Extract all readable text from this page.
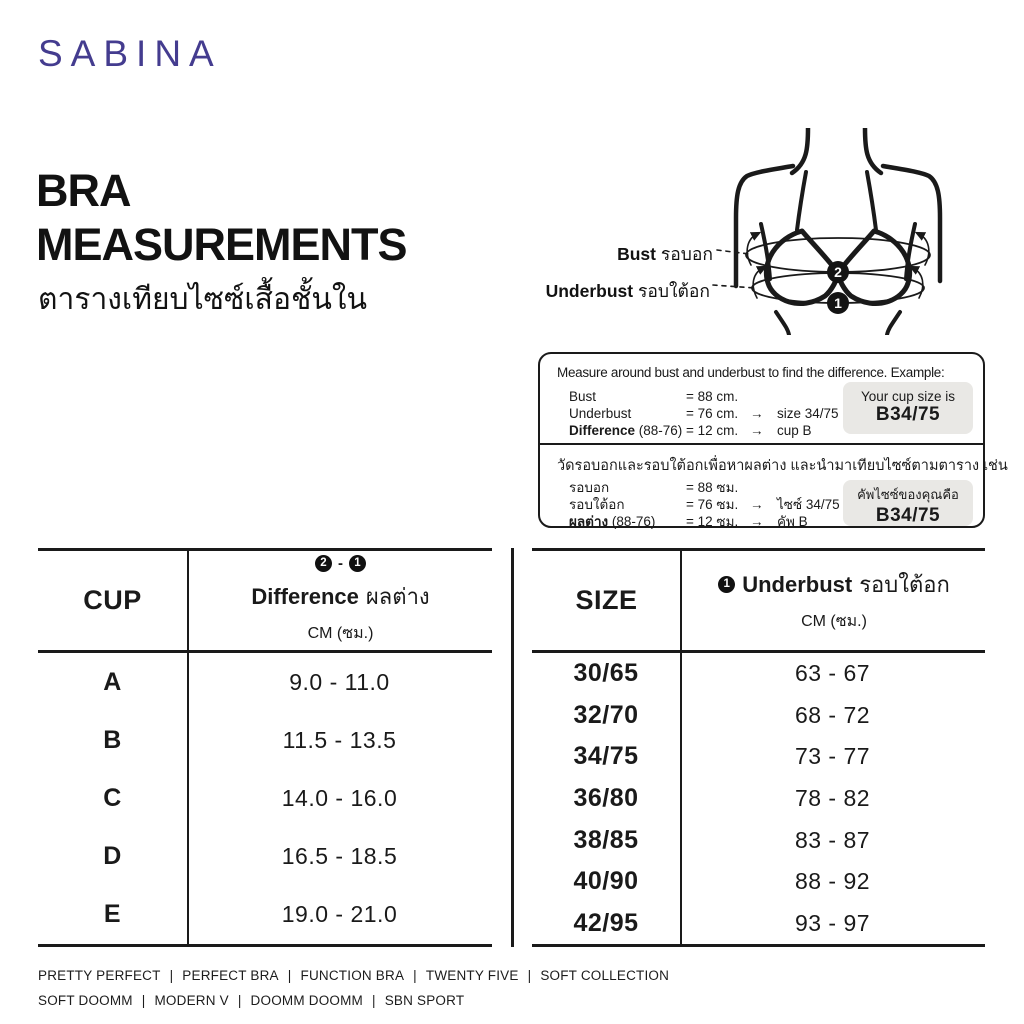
SABINA
BRA
MEASUREMENTS
ตารางเทียบไซซ์เสื้อชั้นใน
2
1
Bust รอบอก
Underbust รอบใต้อก
Measure around bust and underbust to find the difference. Example:
Bust	= 88 cm.
Underbust	= 76 cm. →	size 34/75
Difference (88-76) = 12 cm. →	cup B
วัดรอบอกและรอบใต้อกเพื่อหาผลต่าง และนำมาเทียบไซซ์ตามตาราง เช่น
รอบอก	= 88 ซม.
รอบใต้อก	= 76 ซม. →	ไซซ์ 34/75
ผลต่าง (88-76)	= 12 ซม. →	คัพ B
Your cup size is
B34/75
คัพไซซ์ของคุณคือ
B34/75
CUP
2 - 1
Difference ผลต่าง
CM (ซม.)
A	9.0 - 11.0
B	11.5 - 13.5
C	14.0 - 16.0
D	16.5 - 18.5
E	19.0 - 21.0
SIZE
1 Underbust รอบใต้อก
CM (ซม.)
30/65	63 - 67
32/70	68 - 72
34/75	73 - 77
36/80	78 - 82
38/85	83 - 87
40/90	88 - 92
42/95	93 - 97
PRETTY PERFECT | PERFECT BRA | FUNCTION BRA | TWENTY FIVE | SOFT COLLECTION
SOFT DOOMM | MODERN V | DOOMM DOOMM | SBN SPORT
